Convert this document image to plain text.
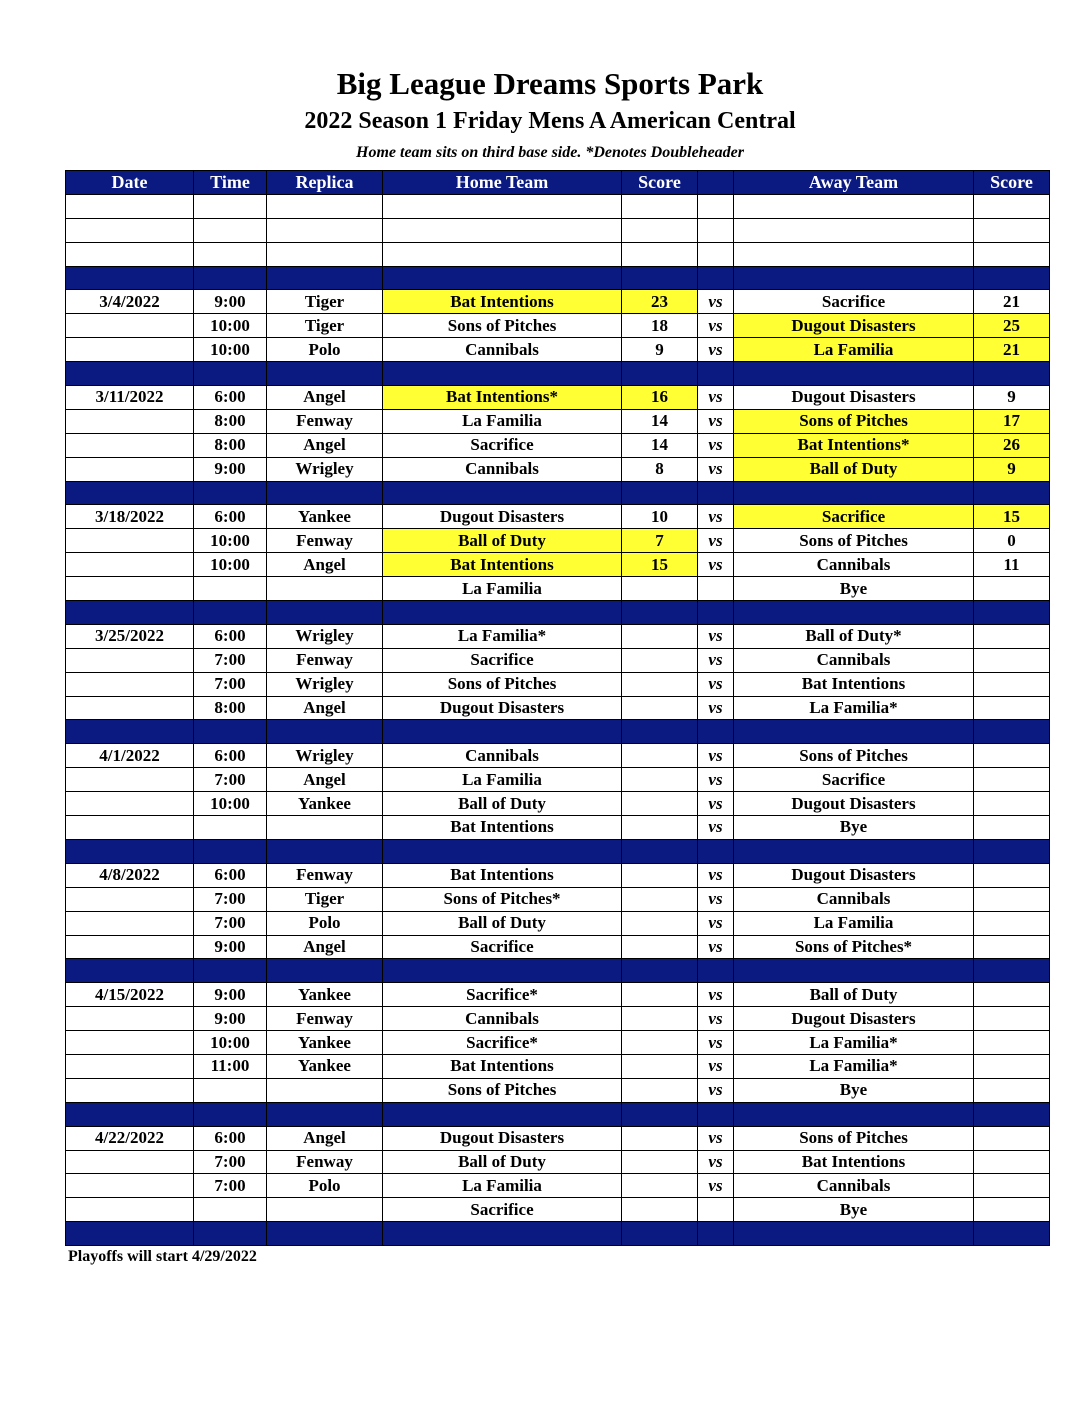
Big League Dreams Sports Park
2022 Season 1 Friday Mens A American Central
Home team sits on third base side. *Denotes Doubleheader
Date	Time	Replica	Home Team	Score		Away Team	Score

3/4/2022	9:00	Tiger	Bat Intentions	23	vs	Sacrifice	21
	10:00	Tiger	Sons of Pitches	18	vs	Dugout Disasters	25
	10:00	Polo	Cannibals	9	vs	La Familia	21

3/11/2022	6:00	Angel	Bat Intentions*	16	vs	Dugout Disasters	9
	8:00	Fenway	La Familia	14	vs	Sons of Pitches	17
	8:00	Angel	Sacrifice	14	vs	Bat Intentions*	26
	9:00	Wrigley	Cannibals	8	vs	Ball of Duty	9

3/18/2022	6:00	Yankee	Dugout Disasters	10	vs	Sacrifice	15
	10:00	Fenway	Ball of Duty	7	vs	Sons of Pitches	0
	10:00	Angel	Bat Intentions	15	vs	Cannibals	11
			La Familia			Bye	

3/25/2022	6:00	Wrigley	La Familia*		vs	Ball of Duty*	
	7:00	Fenway	Sacrifice		vs	Cannibals	
	7:00	Wrigley	Sons of Pitches		vs	Bat Intentions	
	8:00	Angel	Dugout Disasters		vs	La Familia*	

4/1/2022	6:00	Wrigley	Cannibals		vs	Sons of Pitches	
	7:00	Angel	La Familia		vs	Sacrifice	
	10:00	Yankee	Ball of Duty		vs	Dugout Disasters	
			Bat Intentions		vs	Bye	

4/8/2022	6:00	Fenway	Bat Intentions		vs	Dugout Disasters	
	7:00	Tiger	Sons of Pitches*		vs	Cannibals	
	7:00	Polo	Ball of Duty		vs	La Familia	
	9:00	Angel	Sacrifice		vs	Sons of Pitches*	

4/15/2022	9:00	Yankee	Sacrifice*		vs	Ball of Duty	
	9:00	Fenway	Cannibals		vs	Dugout Disasters	
	10:00	Yankee	Sacrifice*		vs	La Familia*	
	11:00	Yankee	Bat Intentions		vs	La Familia*	
			Sons of Pitches		vs	Bye	

4/22/2022	6:00	Angel	Dugout Disasters		vs	Sons of Pitches	
	7:00	Fenway	Ball of Duty		vs	Bat Intentions	
	7:00	Polo	La Familia		vs	Cannibals	
			Sacrifice			Bye	

Playoffs will start 4/29/2022
